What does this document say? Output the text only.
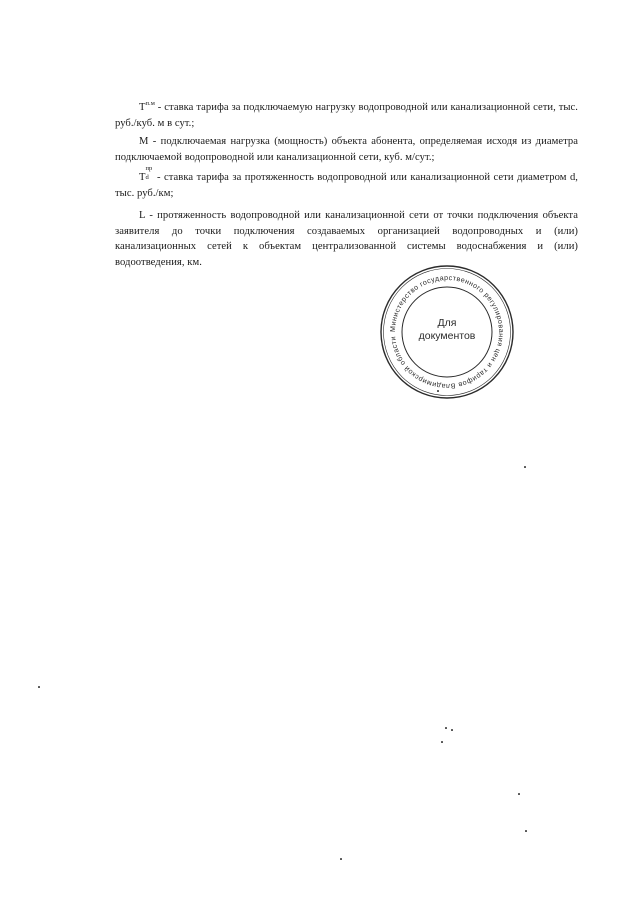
$T^{п.м}$ - ставка тарифа за подключаемую нагрузку водопроводной или канализационной сети, тыс. руб./куб. м в сут.;
M - подключаемая нагрузка (мощность) объекта абонента, определяемая исходя из диаметра подключаемой водопроводной или канализационной сети, куб. м/сут.;
T
пр
d - ставка тарифа за протяженность водопроводной или канализационной сети диаметром d, тыс. руб./км;
L - протяженность водопроводной или канализационной сети от точки подключения объекта заявителя до точки подключения создаваемых организацией водопроводных и (или) канализационных сетей к объектам централизованной системы водоснабжения и (или) водоотведения, км.
Министерство государственного регулирования цен и тарифов Владимирской области
Для
документов
